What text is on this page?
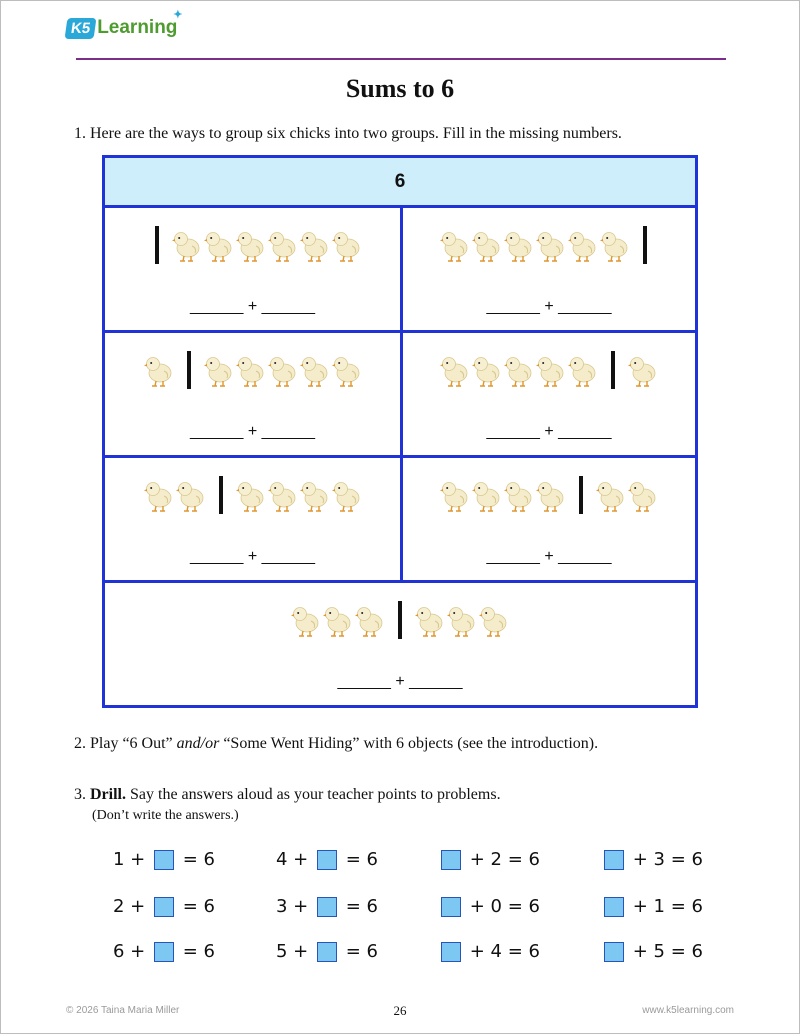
K5 Learning
✦
Sums to 6
1. Here are the ways to group six chicks into two groups. Fill in the missing numbers.
6
______ + ______	______ + ______
______ + ______	______ + ______
______ + ______	______ + ______
______ + ______
2. Play “6 Out” and/or “Some Went Hiding” with 6 objects (see the introduction).
3. Drill. Say the answers aloud as your teacher points to problems.
(Don’t write the answers.)
1 + = 6	4 + = 6	+ 2 = 6	+ 3 = 6
2 + = 6	3 + = 6	+ 0 = 6	+ 1 = 6
6 + = 6	5 + = 6	+ 4 = 6	+ 5 = 6
© 2026 Taina Maria Miller	26	www.k5learning.com
